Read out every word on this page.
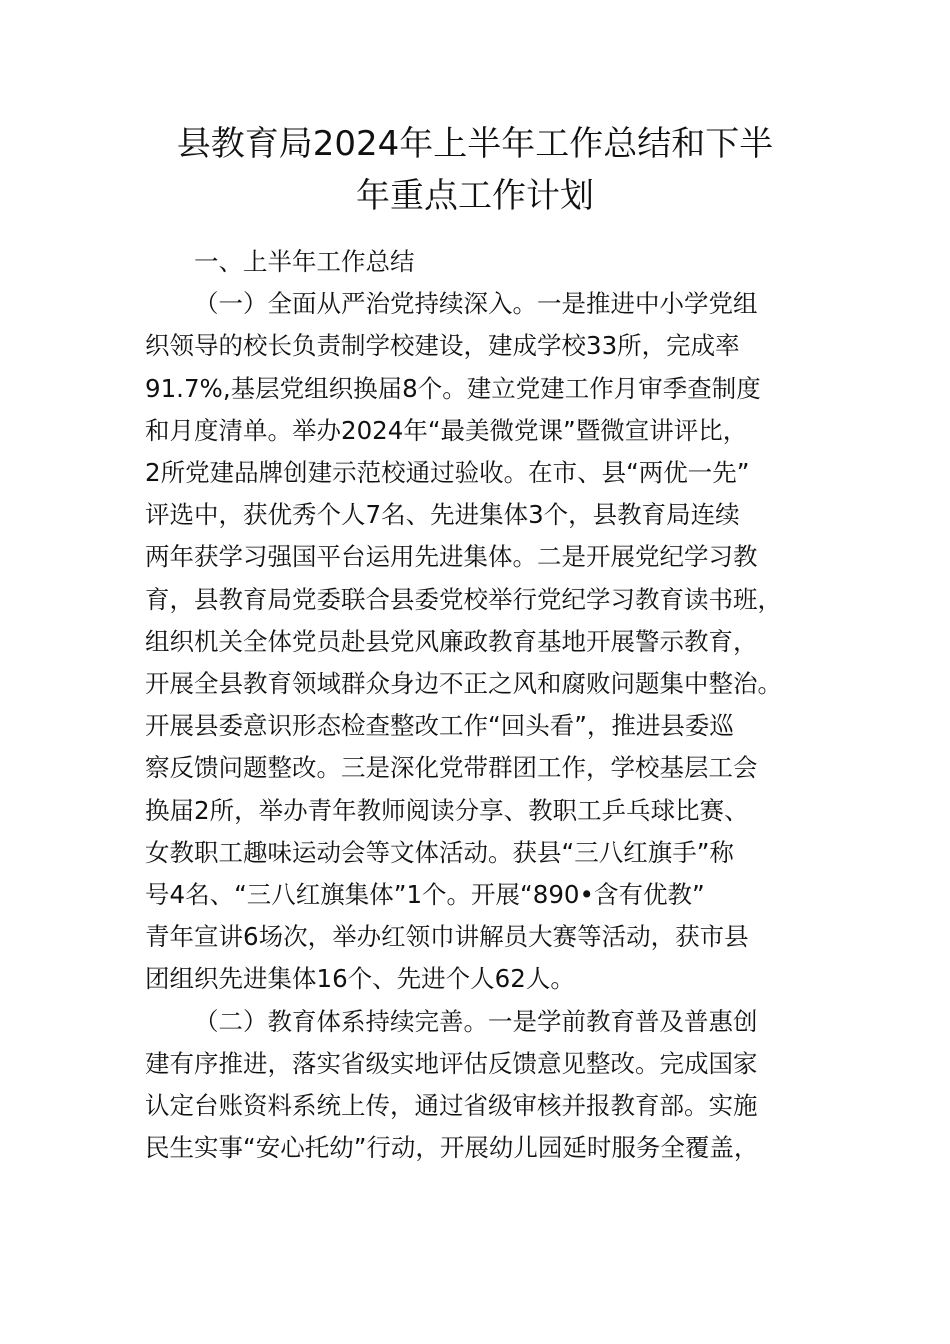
县教育局2024年上半年工作总结和下半
年重点工作计划

一、上半年工作总结

（一）全面从严治党持续深入。一是推进中小学党组
织领导的校长负责制学校建设，建成学校33所，完成率
91.7%,基层党组织换届8个。建立党建工作月审季查制度
和月度清单。举办2024年“最美微党课”暨微宣讲评比，
2所党建品牌创建示范校通过验收。在市、县“两优一先”
评选中，获优秀个人7名、先进集体3个，县教育局连续
两年获学习强国平台运用先进集体。二是开展党纪学习教
育，县教育局党委联合县委党校举行党纪学习教育读书班，
组织机关全体党员赴县党风廉政教育基地开展警示教育，
开展全县教育领域群众身边不正之风和腐败问题集中整治。
开展县委意识形态检查整改工作“回头看”，推进县委巡
察反馈问题整改。三是深化党带群团工作，学校基层工会
换届2所，举办青年教师阅读分享、教职工乒乓球比赛、
女教职工趣味运动会等文体活动。获县“三八红旗手”称
号4名、“三八红旗集体”1个。开展“890•含有优教”
青年宣讲6场次，举办红领巾讲解员大赛等活动，获市县
团组织先进集体16个、先进个人62人。

（二）教育体系持续完善。一是学前教育普及普惠创
建有序推进，落实省级实地评估反馈意见整改。完成国家
认定台账资料系统上传，通过省级审核并报教育部。实施
民生实事“安心托幼”行动，开展幼儿园延时服务全覆盖，
